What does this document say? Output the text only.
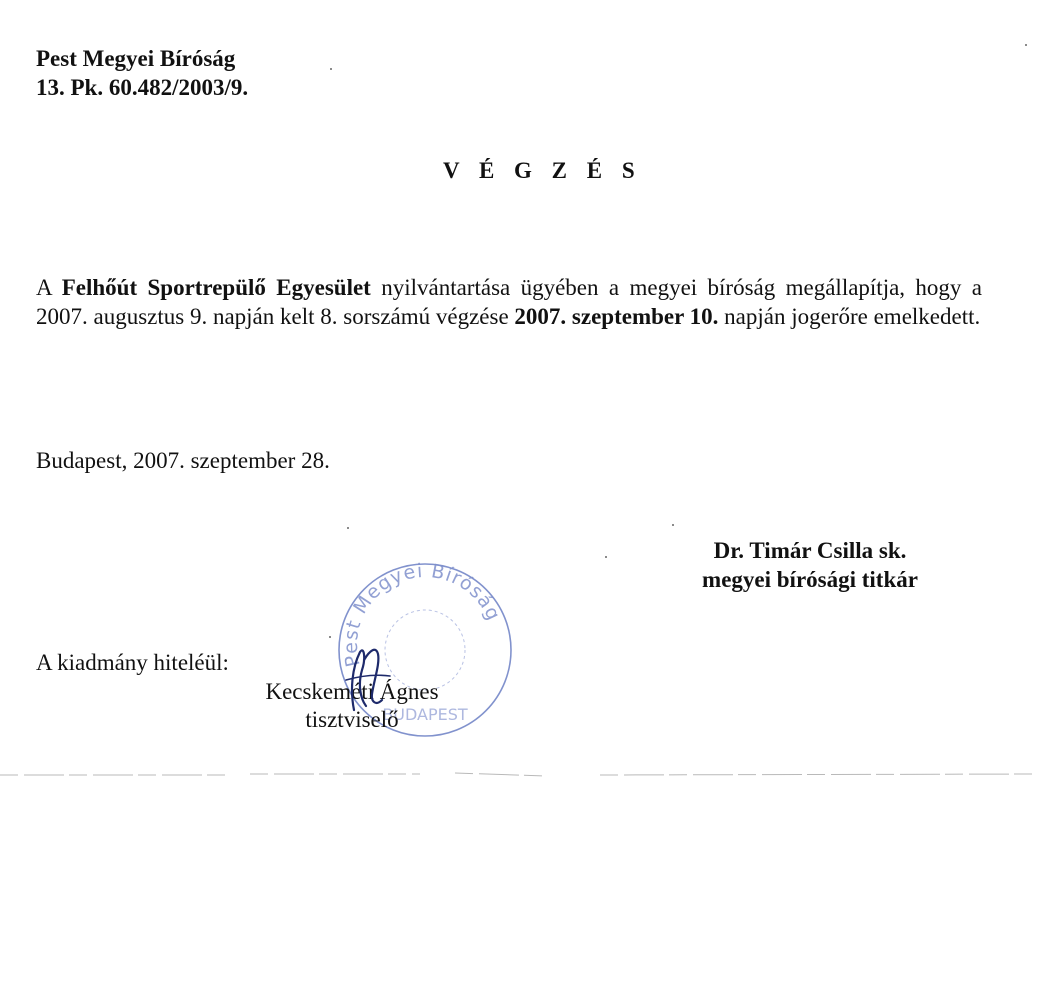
Pest Megyei Bíróság
13. Pk. 60.482/2003/9.
V É G Z É S
A Felhőút Sportrepülő Egyesület nyilvántartása ügyében a megyei bíróság megállapítja, hogy a 2007. augusztus 9. napján kelt 8. sorszámú végzése 2007. szeptember 10. napján jogerőre emelkedett.
Budapest, 2007. szeptember 28.
Dr. Timár Csilla sk.
megyei bírósági titkár
A kiadmány hiteléül:	Pest Megyei Bíróság
BUDAPEST
Kecskeméti Ágnes
tisztviselő
